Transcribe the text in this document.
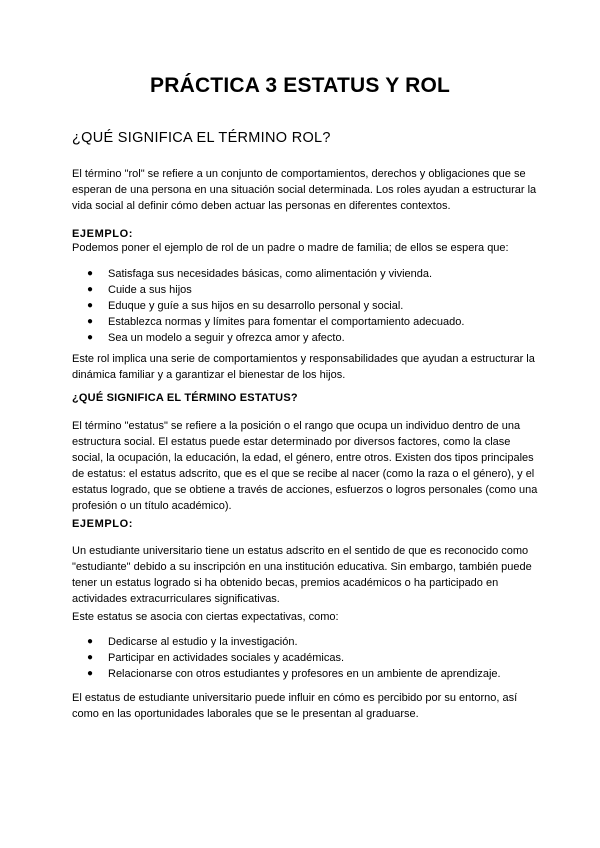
PRÁCTICA 3 ESTATUS Y ROL
¿QUÉ SIGNIFICA EL TÉRMINO ROL?

El término "rol" se refiere a un conjunto de comportamientos, derechos y obligaciones que se esperan de una persona en una situación social determinada. Los roles ayudan a estructurar la vida social al definir cómo deben actuar las personas en diferentes contextos.

EJEMPLO:

Podemos poner el ejemplo de rol de un padre o madre de familia; de ellos se espera que:

● Satisfaga sus necesidades básicas, como alimentación y vivienda.
● Cuide a sus hijos
● Eduque y guíe a sus hijos en su desarrollo personal y social.
● Establezca normas y límites para fomentar el comportamiento adecuado.
● Sea un modelo a seguir y ofrezca amor y afecto.

Este rol implica una serie de comportamientos y responsabilidades que ayudan a estructurar la dinámica familiar y a garantizar el bienestar de los hijos.

¿QUÉ SIGNIFICA EL TÉRMINO ESTATUS?

El término "estatus" se refiere a la posición o el rango que ocupa un individuo dentro de una estructura social. El estatus puede estar determinado por diversos factores, como la clase social, la ocupación, la educación, la edad, el género, entre otros. Existen dos tipos principales de estatus: el estatus adscrito, que es el que se recibe al nacer (como la raza o el género), y el estatus logrado, que se obtiene a través de acciones, esfuerzos o logros personales (como una profesión o un título académico).

EJEMPLO:

Un estudiante universitario tiene un estatus adscrito en el sentido de que es reconocido como "estudiante" debido a su inscripción en una institución educativa. Sin embargo, también puede tener un estatus logrado si ha obtenido becas, premios académicos o ha participado en actividades extracurriculares significativas.

Este estatus se asocia con ciertas expectativas, como:

● Dedicarse al estudio y la investigación.
● Participar en actividades sociales y académicas.
● Relacionarse con otros estudiantes y profesores en un ambiente de aprendizaje.

El estatus de estudiante universitario puede influir en cómo es percibido por su entorno, así como en las oportunidades laborales que se le presentan al graduarse.
